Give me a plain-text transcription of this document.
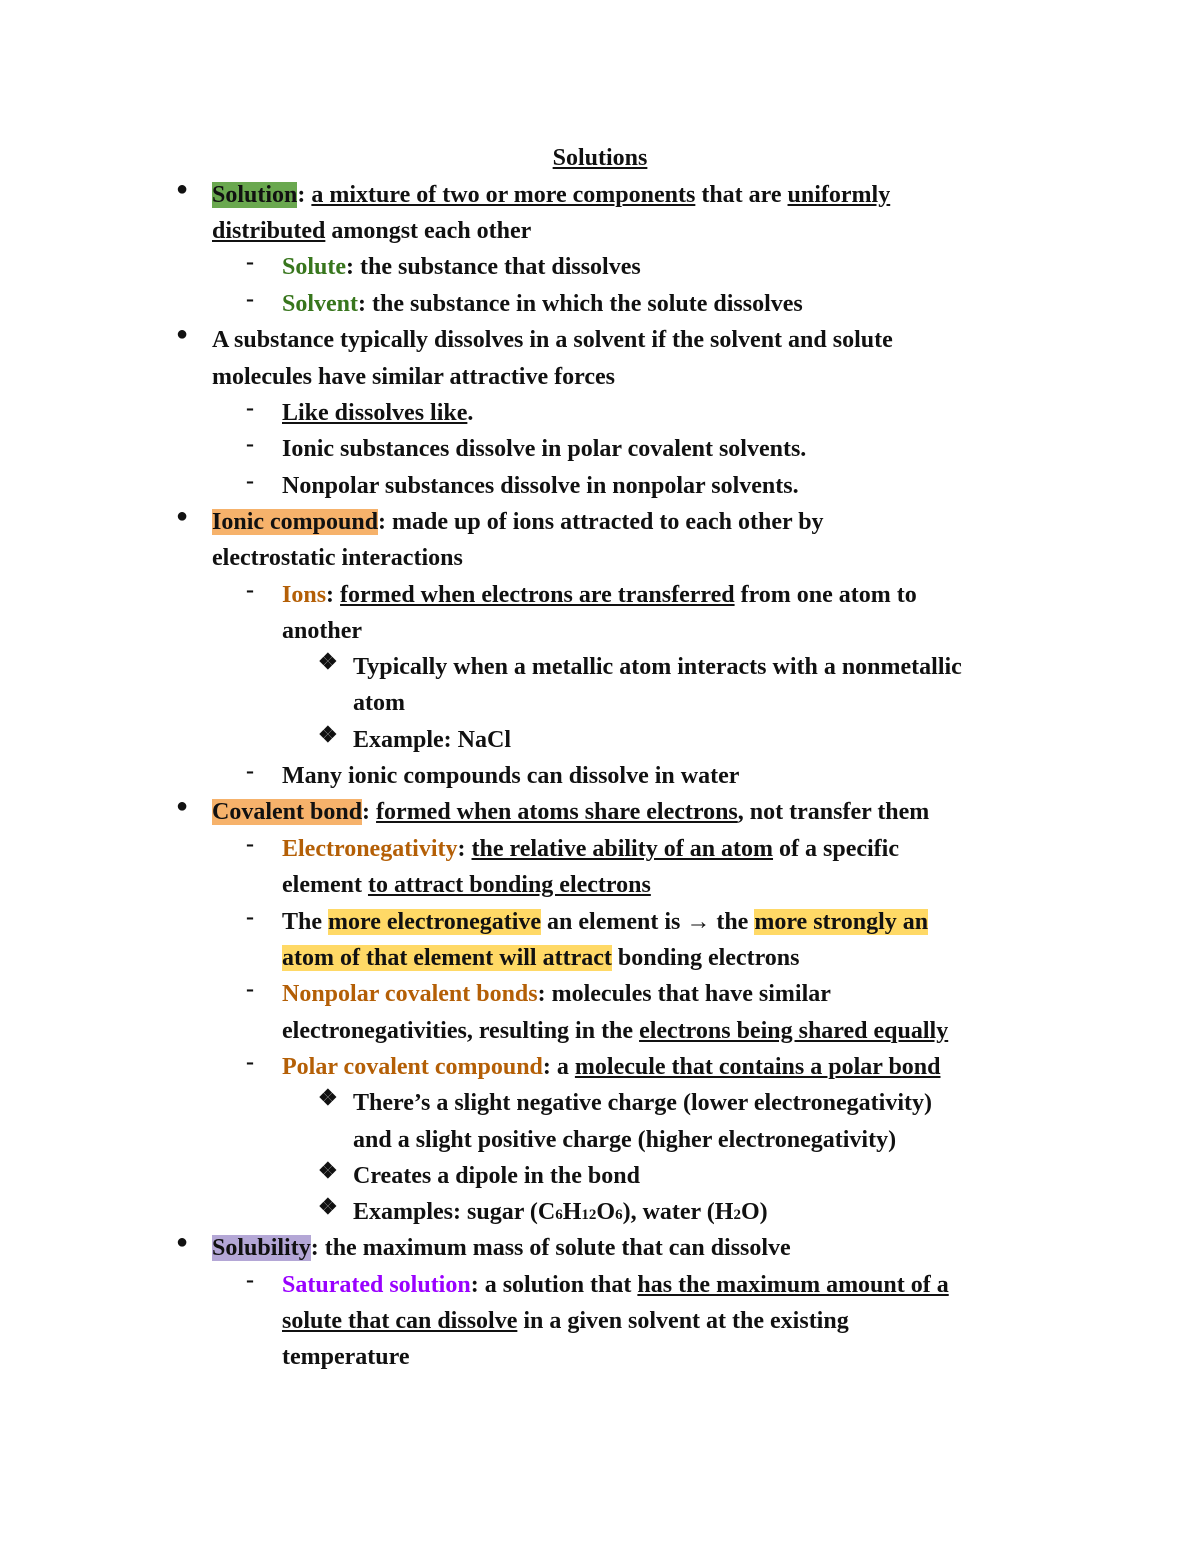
Solutions
● Solution: a mixture of two or more components that are uniformly
distributed amongst each other
- Solute: the substance that dissolves
- Solvent: the substance in which the solute dissolves
● A substance typically dissolves in a solvent if the solvent and solute
molecules have similar attractive forces
- Like dissolves like.
- Ionic substances dissolve in polar covalent solvents.
- Nonpolar substances dissolve in nonpolar solvents.
● Ionic compound: made up of ions attracted to each other by
electrostatic interactions
- Ions: formed when electrons are transferred from one atom to
another
❖ Typically when a metallic atom interacts with a nonmetallic
atom
❖ Example: NaCl
- Many ionic compounds can dissolve in water
● Covalent bond: formed when atoms share electrons, not transfer them
- Electronegativity: the relative ability of an atom of a specific
element to attract bonding electrons
- The more electronegative an element is → the more strongly an
atom of that element will attract bonding electrons
- Nonpolar covalent bonds: molecules that have similar
electronegativities, resulting in the electrons being shared equally
- Polar covalent compound: a molecule that contains a polar bond
❖ There’s a slight negative charge (lower electronegativity)
and a slight positive charge (higher electronegativity)
❖ Creates a dipole in the bond
❖ Examples: sugar (C6H12O6), water (H2O)
● Solubility: the maximum mass of solute that can dissolve
- Saturated solution: a solution that has the maximum amount of a
solute that can dissolve in a given solvent at the existing
temperature
